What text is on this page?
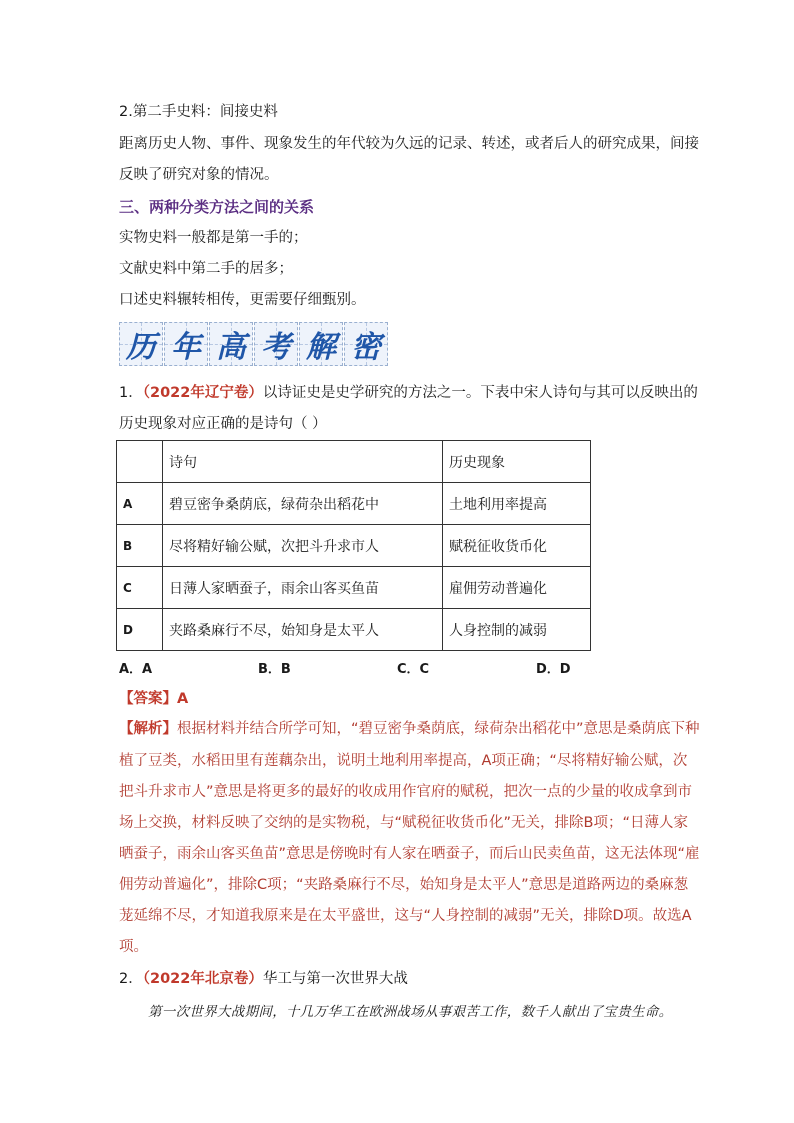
2.第二手史料：间接史料
距离历史人物、事件、现象发生的年代较为久远的记录、转述，或者后人的研究成果，间接
反映了研究对象的情况。
三、两种分类方法之间的关系
实物史料一般都是第一手的；
文献史料中第二手的居多；
口述史料辗转相传，更需要仔细甄别。
历 年 高 考 解 密
1．（2022年辽宁卷）以诗证史是史学研究的方法之一。下表中宋人诗句与其可以反映出的
历史现象对应正确的是诗句（ ）
	诗句	历史现象
A	碧豆密争桑荫底，绿荷杂出稻花中	土地利用率提高
B	尽将精好输公赋，次把斗升求市人	赋税征收货币化
C	日薄人家晒蚕子，雨余山客买鱼苗	雇佣劳动普遍化
D	夹路桑麻行不尽，始知身是太平人	人身控制的减弱
A．A	B．B	C．C	D．D
【答案】A
【解析】根据材料并结合所学可知，“碧豆密争桑荫底，绿荷杂出稻花中”意思是桑荫底下种
植了豆类，水稻田里有莲藕杂出，说明土地利用率提高，A项正确；“尽将精好输公赋，次
把斗升求市人”意思是将更多的最好的收成用作官府的赋税，把次一点的少量的收成拿到市
场上交换，材料反映了交纳的是实物税，与“赋税征收货币化”无关，排除B项；“日薄人家
晒蚕子，雨余山客买鱼苗”意思是傍晚时有人家在晒蚕子，而后山民卖鱼苗，这无法体现“雇
佣劳动普遍化”，排除C项；“夹路桑麻行不尽，始知身是太平人”意思是道路两边的桑麻葱
茏延绵不尽，才知道我原来是在太平盛世，这与“人身控制的减弱”无关，排除D项。故选A
项。
2．（2022年北京卷）华工与第一次世界大战
第一次世界大战期间，十几万华工在欧洲战场从事艰苦工作，数千人献出了宝贵生命。
